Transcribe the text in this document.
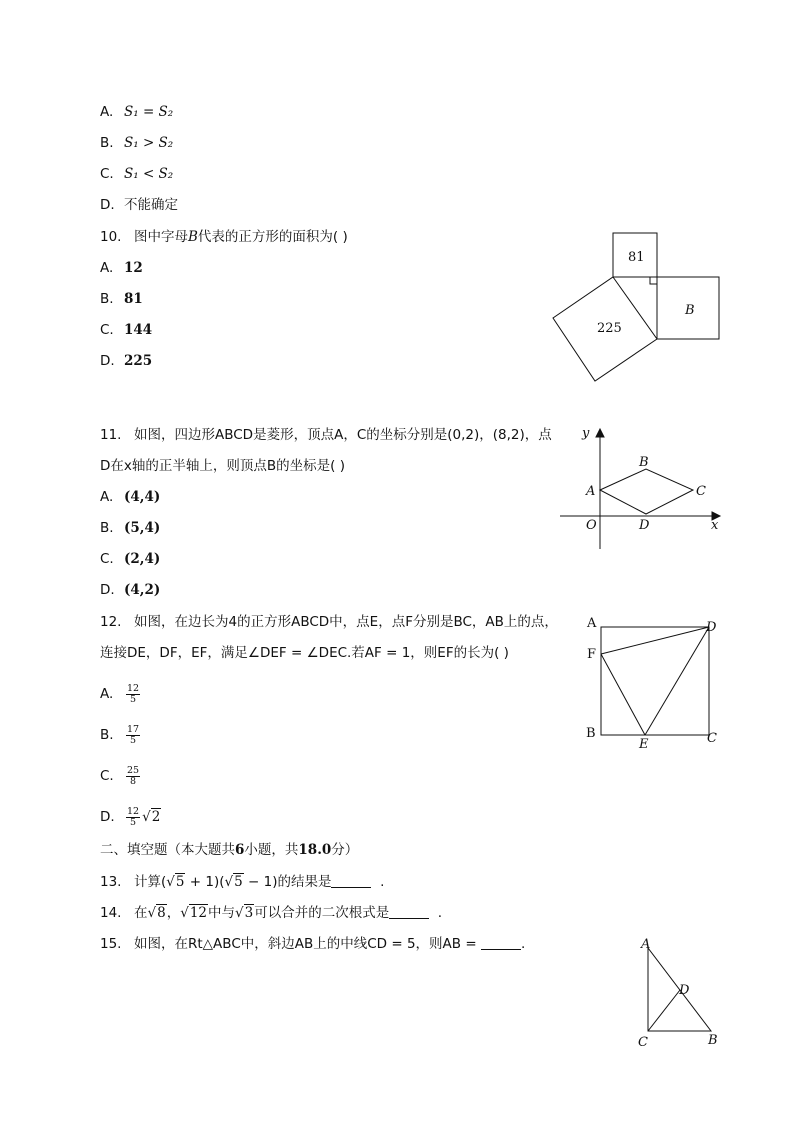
A. S₁ = S₂
B. S₁ > S₂
C. S₁ < S₂
D. 不能确定
10. 图中字母B代表的正方形的面积为( )
A. 12
B. 81
C. 144
D. 225
81
225
B
11. 如图，四边形ABCD是菱形，顶点A，C的坐标分别是(0,2)，(8,2)，点
D在x轴的正半轴上，则顶点B的坐标是( )
A. (4,4)
B. (5,4)
C. (2,4)
D. (4,2)
y
x
O
A
B
C
D
12. 如图，在边长为4的正方形ABCD中，点E，点F分别是BC，AB上的点，
连接DE，DF，EF，满足∠DEF = ∠DEC.若AF = 1，则EF的长为( )
A. $\frac{12}{5}$
B. $\frac{17}{5}$
C. $\frac{25}{8}$
D. $\frac{12}{5} √2$
A	D
F
B
E	C
二、填空题（本大题共6小题，共18.0分）
13. 计算(√5 + 1)(√5 − 1)的结果是	.
14. 在√8，√12中与√3可以合并的二次根式是	.
15. 如图，在Rt△ABC中，斜边AB上的中线CD = 5，则AB =	.	A
D
C	B
